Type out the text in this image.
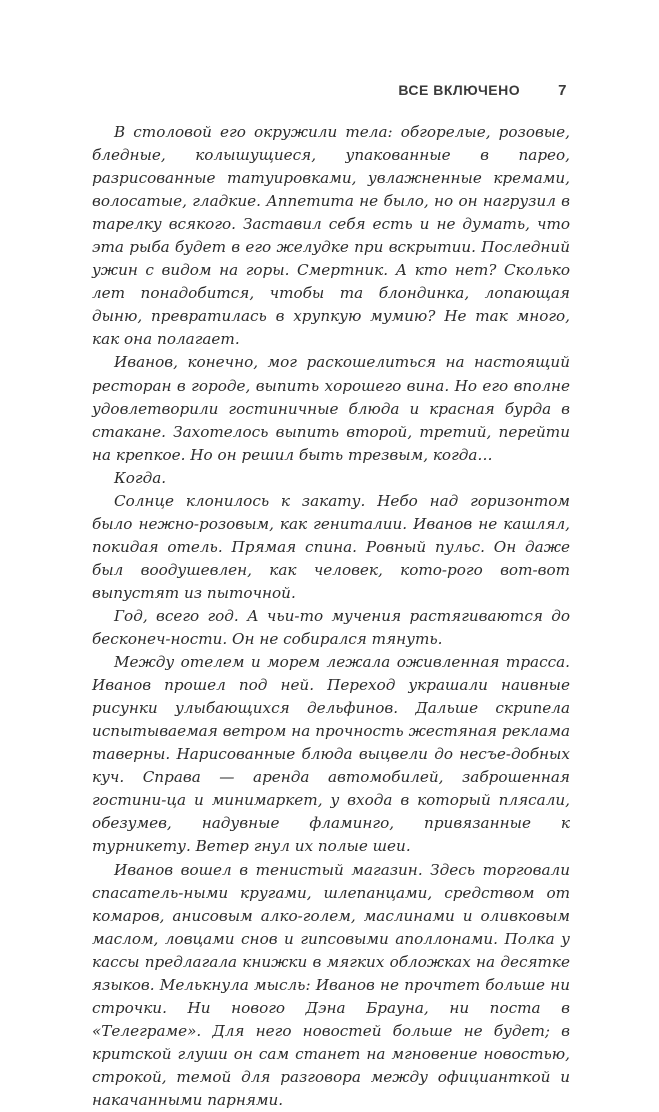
ВСЕ ВКЛЮЧЕНО	7

В столовой его окружили тела: обгорелые, розовые, бледные, колышущиеся, упакованные в парео, разрисованные татуировками, увлажненные кремами, волосатые, гладкие. Аппетита не было, но он нагрузил в тарелку всякого. Заставил себя есть и не думать, что эта рыба будет в его желудке при вскрытии. Последний ужин с видом на горы. Смертник. А кто нет? Сколько лет понадобится, чтобы та блондинка, лопающая дыню, превратилась в хрупкую мумию? Не так много, как она полагает.

Иванов, конечно, мог раскошелиться на настоящий ресторан в городе, выпить хорошего вина. Но его вполне удовлетворили гостиничные блюда и красная бурда в стакане. Захотелось выпить второй, третий, перейти на крепкое. Но он решил быть трезвым, когда…

Когда.

Солнце клонилось к закату. Небо над горизонтом было нежно-розовым, как гениталии. Иванов не кашлял, покидая отель. Прямая спина. Ровный пульс. Он даже был воодушевлен, как человек, кото-рого вот-вот выпустят из пыточной.

Год, всего год. А чьи-то мучения растягиваются до бесконеч-ности. Он не собирался тянуть.

Между отелем и морем лежала оживленная трасса. Иванов прошел под ней. Переход украшали наивные рисунки улыбающихся дельфинов. Дальше скрипела испытываемая ветром на прочность жестяная реклама таверны. Нарисованные блюда выцвели до несъе-добных куч. Справа — аренда автомобилей, заброшенная гостини-ца и минимаркет, у входа в который плясали, обезумев, надувные фламинго, привязанные к турникету. Ветер гнул их полые шеи.

Иванов вошел в тенистый магазин. Здесь торговали спасатель-ными кругами, шлепанцами, средством от комаров, анисовым алко-голем, маслинами и оливковым маслом, ловцами снов и гипсовыми аполлонами. Полка у кассы предлагала книжки в мягких обложках на десятке языков. Мелькнула мысль: Иванов не прочтет больше ни строчки. Ни нового Дэна Брауна, ни поста в «Телеграме». Для него новостей больше не будет; в критской глуши он сам станет на мгновение новостью, строкой, темой для разговора между официанткой и накачанными парнями.
